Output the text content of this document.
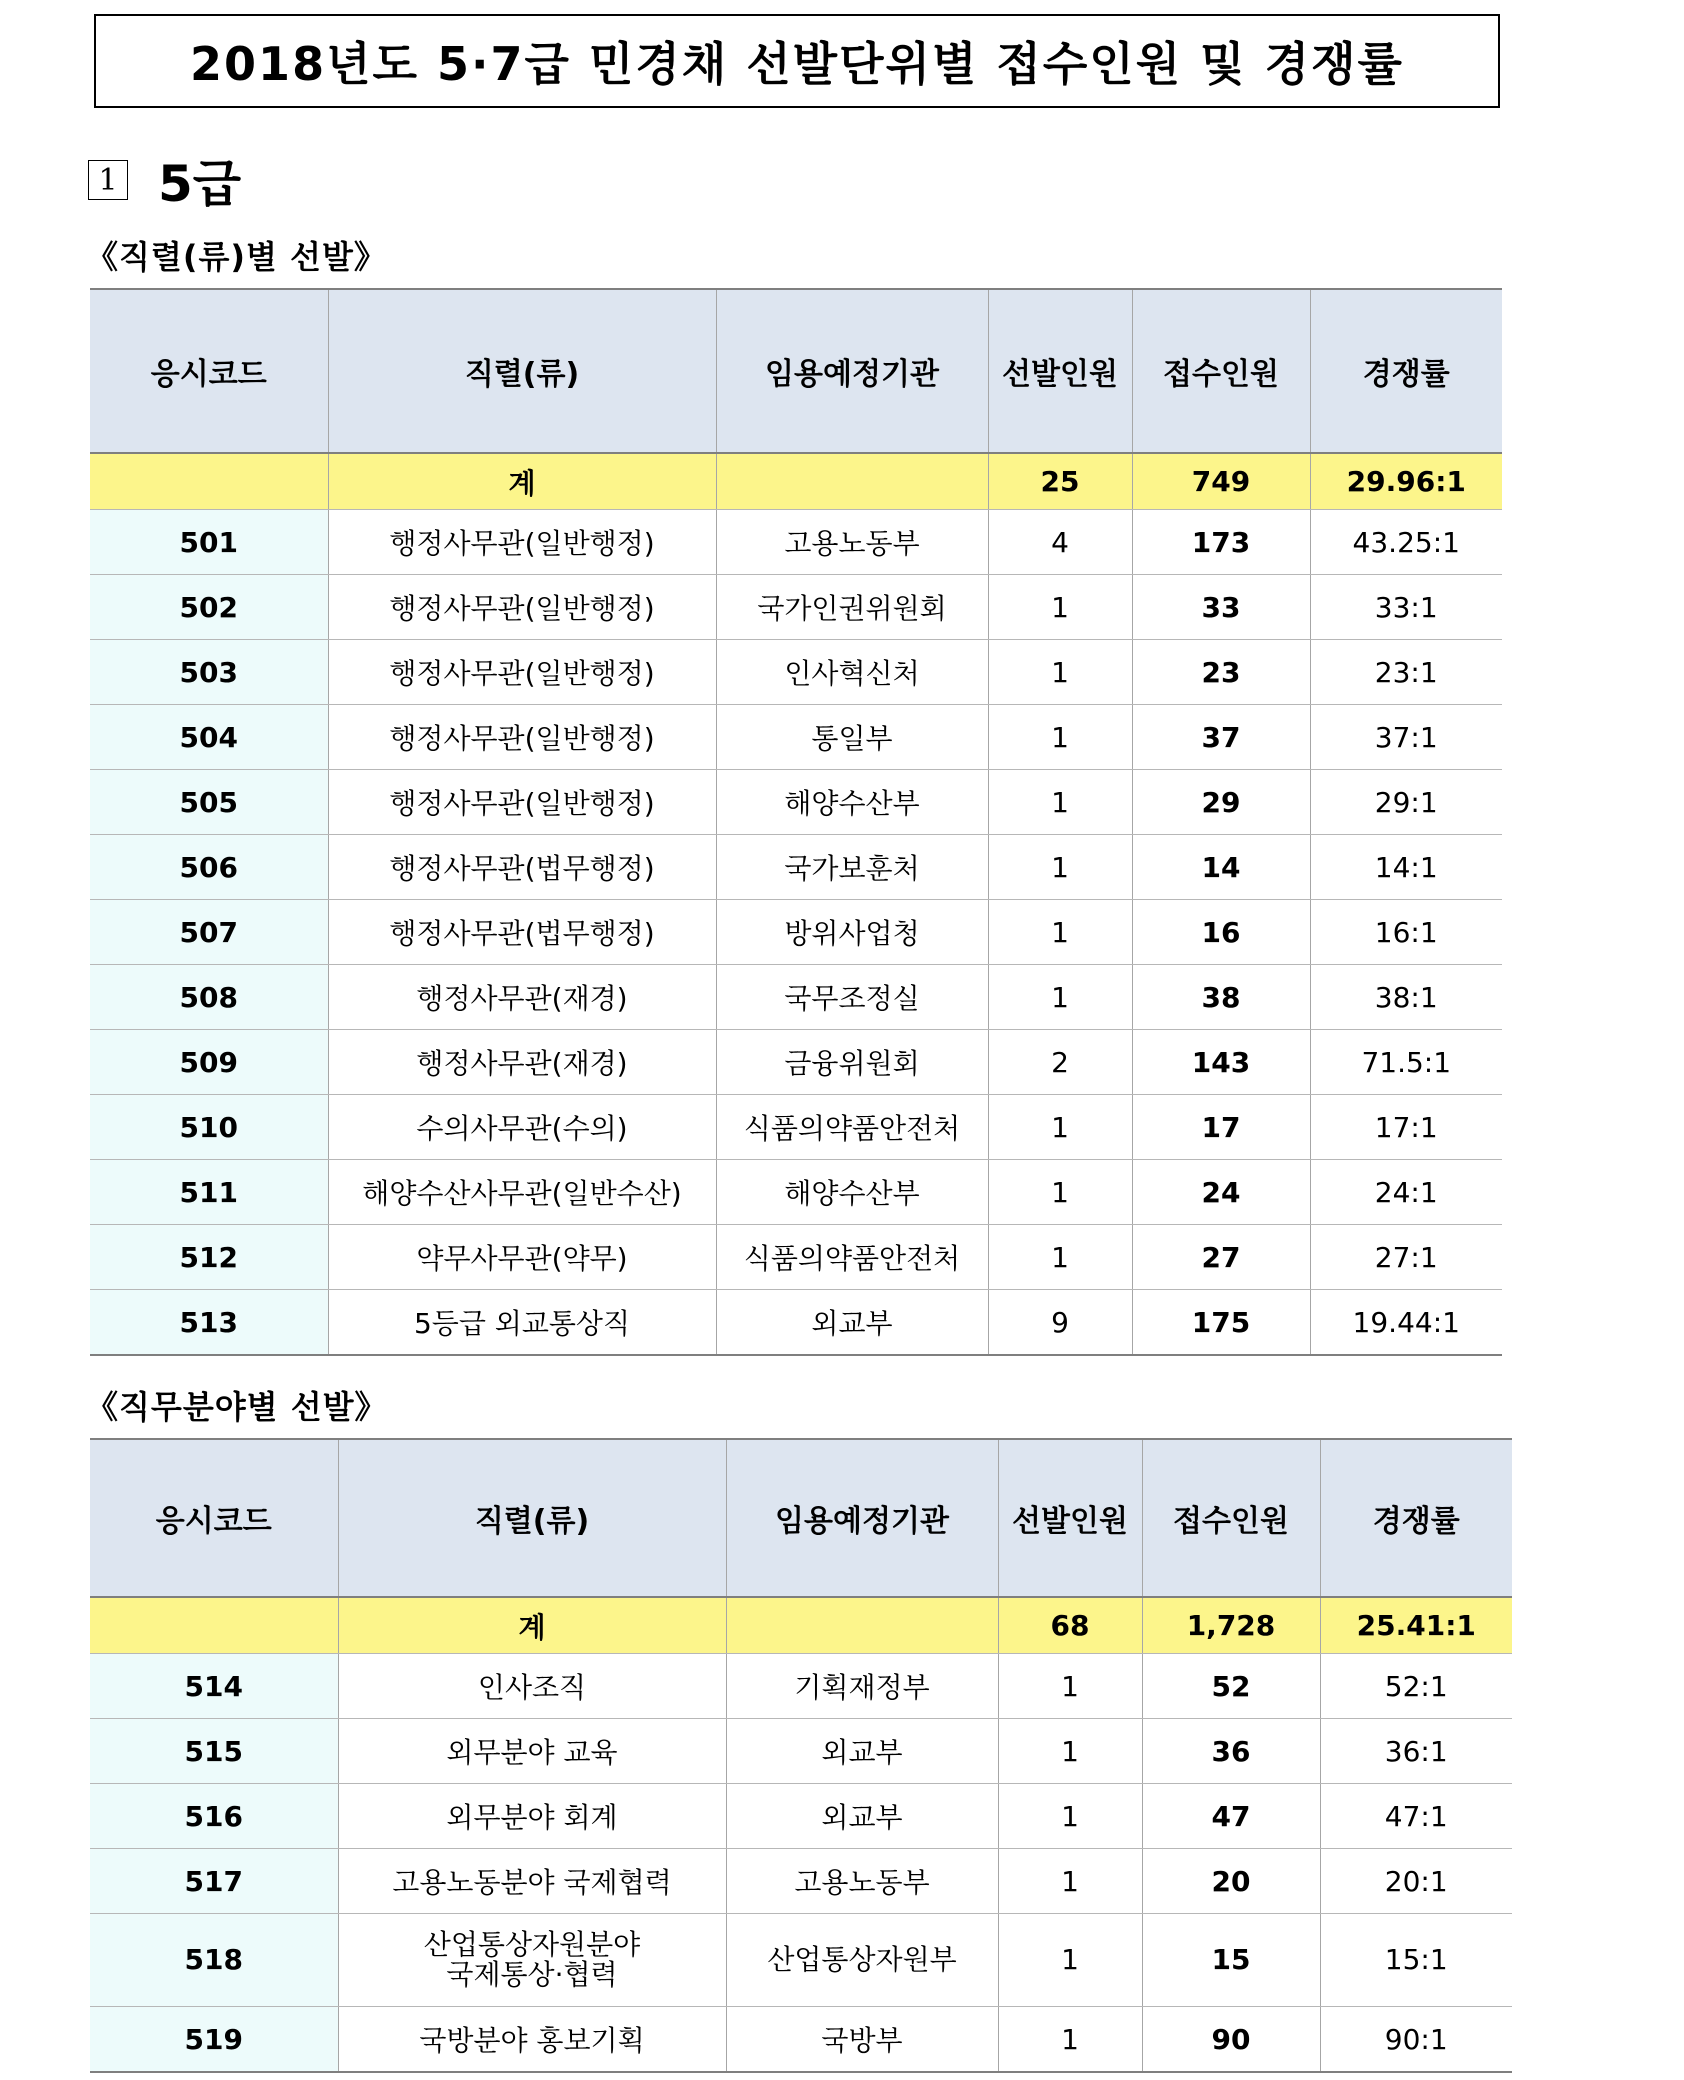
2018년도 5·7급 민경채 선발단위별 접수인원 및 경쟁률
1 5급
《직렬(류)별 선발》
응시코드	직렬(류)	임용예정기관	선발인원	접수인원	경쟁률
	계		25	749	29.96:1
501	행정사무관(일반행정)	고용노동부	4	173	43.25:1
502	행정사무관(일반행정)	국가인권위원회	1	33	33:1
503	행정사무관(일반행정)	인사혁신처	1	23	23:1
504	행정사무관(일반행정)	통일부	1	37	37:1
505	행정사무관(일반행정)	해양수산부	1	29	29:1
506	행정사무관(법무행정)	국가보훈처	1	14	14:1
507	행정사무관(법무행정)	방위사업청	1	16	16:1
508	행정사무관(재경)	국무조정실	1	38	38:1
509	행정사무관(재경)	금융위원회	2	143	71.5:1
510	수의사무관(수의)	식품의약품안전처	1	17	17:1
511	해양수산사무관(일반수산)	해양수산부	1	24	24:1
512	약무사무관(약무)	식품의약품안전처	1	27	27:1
513	5등급 외교통상직	외교부	9	175	19.44:1
《직무분야별 선발》
응시코드	직렬(류)	임용예정기관	선발인원	접수인원	경쟁률
	계		68	1,728	25.41:1
514	인사조직	기획재정부	1	52	52:1
515	외무분야 교육	외교부	1	36	36:1
516	외무분야 회계	외교부	1	47	47:1
517	고용노동분야 국제협력	고용노동부	1	20	20:1
518	산업통상자원분야
국제통상·협력	산업통상자원부	1	15	15:1
519	국방분야 홍보기획	국방부	1	90	90:1
